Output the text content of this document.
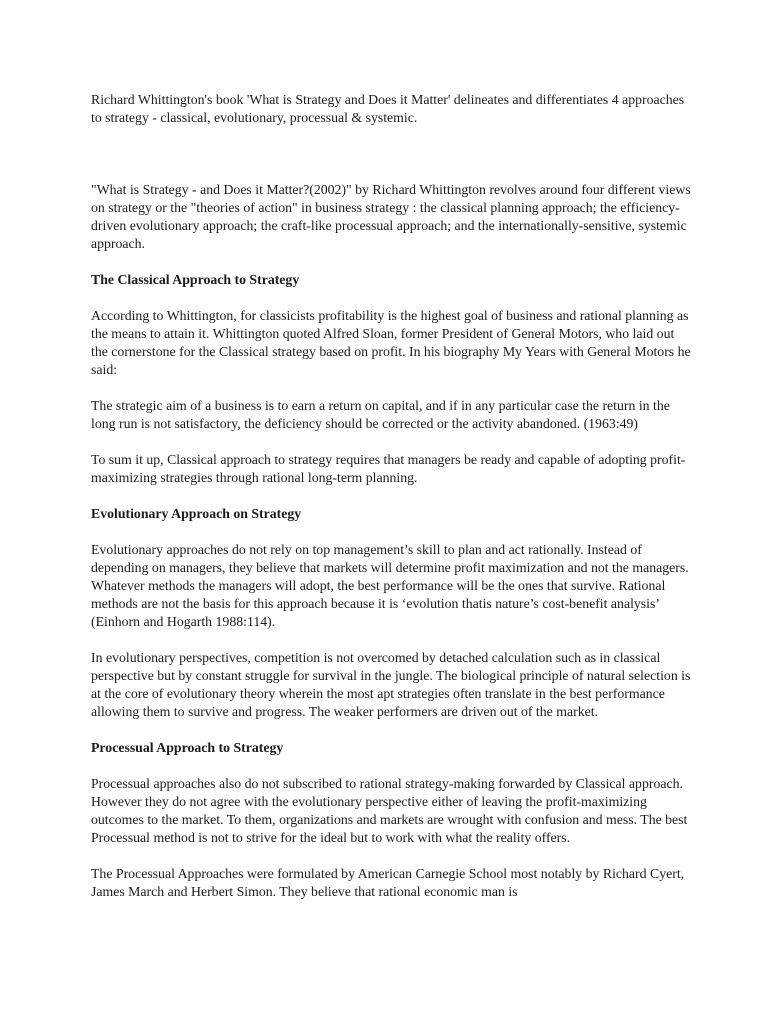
Richard Whittington's book 'What is Strategy and Does it Matter' delineates and differentiates 4 approaches to strategy - classical, evolutionary, processual & systemic.

"What is Strategy - and Does it Matter?(2002)" by Richard Whittington revolves around four different views on strategy or the "theories of action" in business strategy : the classical planning approach; the efficiency-driven evolutionary approach; the craft-like processual approach; and the internationally-sensitive, systemic approach.

The Classical Approach to Strategy

According to Whittington, for classicists profitability is the highest goal of business and rational planning as the means to attain it. Whittington quoted Alfred Sloan, former President of General Motors, who laid out the cornerstone for the Classical strategy based on profit. In his biography My Years with General Motors he said:

The strategic aim of a business is to earn a return on capital, and if in any particular case the return in the long run is not satisfactory, the deficiency should be corrected or the activity abandoned. (1963:49)

To sum it up, Classical approach to strategy requires that managers be ready and capable of adopting profit-maximizing strategies through rational long-term planning.

Evolutionary Approach on Strategy

Evolutionary approaches do not rely on top management’s skill to plan and act rationally. Instead of depending on managers, they believe that markets will determine profit maximization and not the managers. Whatever methods the managers will adopt, the best performance will be the ones that survive. Rational methods are not the basis for this approach because it is ‘evolution thatis nature’s cost-benefit analysis’ (Einhorn and Hogarth 1988:114).

In evolutionary perspectives, competition is not overcomed by detached calculation such as in classical perspective but by constant struggle for survival in the jungle. The biological principle of natural selection is at the core of evolutionary theory wherein the most apt strategies often translate in the best performance allowing them to survive and progress. The weaker performers are driven out of the market.

Processual Approach to Strategy

Processual approaches also do not subscribed to rational strategy-making forwarded by Classical approach. However they do not agree with the evolutionary perspective either of leaving the profit-maximizing outcomes to the market. To them, organizations and markets are wrought with confusion and mess. The best Processual method is not to strive for the ideal but to work with what the reality offers.

The Processual Approaches were formulated by American Carnegie School most notably by Richard Cyert, James March and Herbert Simon. They believe that rational economic man is
